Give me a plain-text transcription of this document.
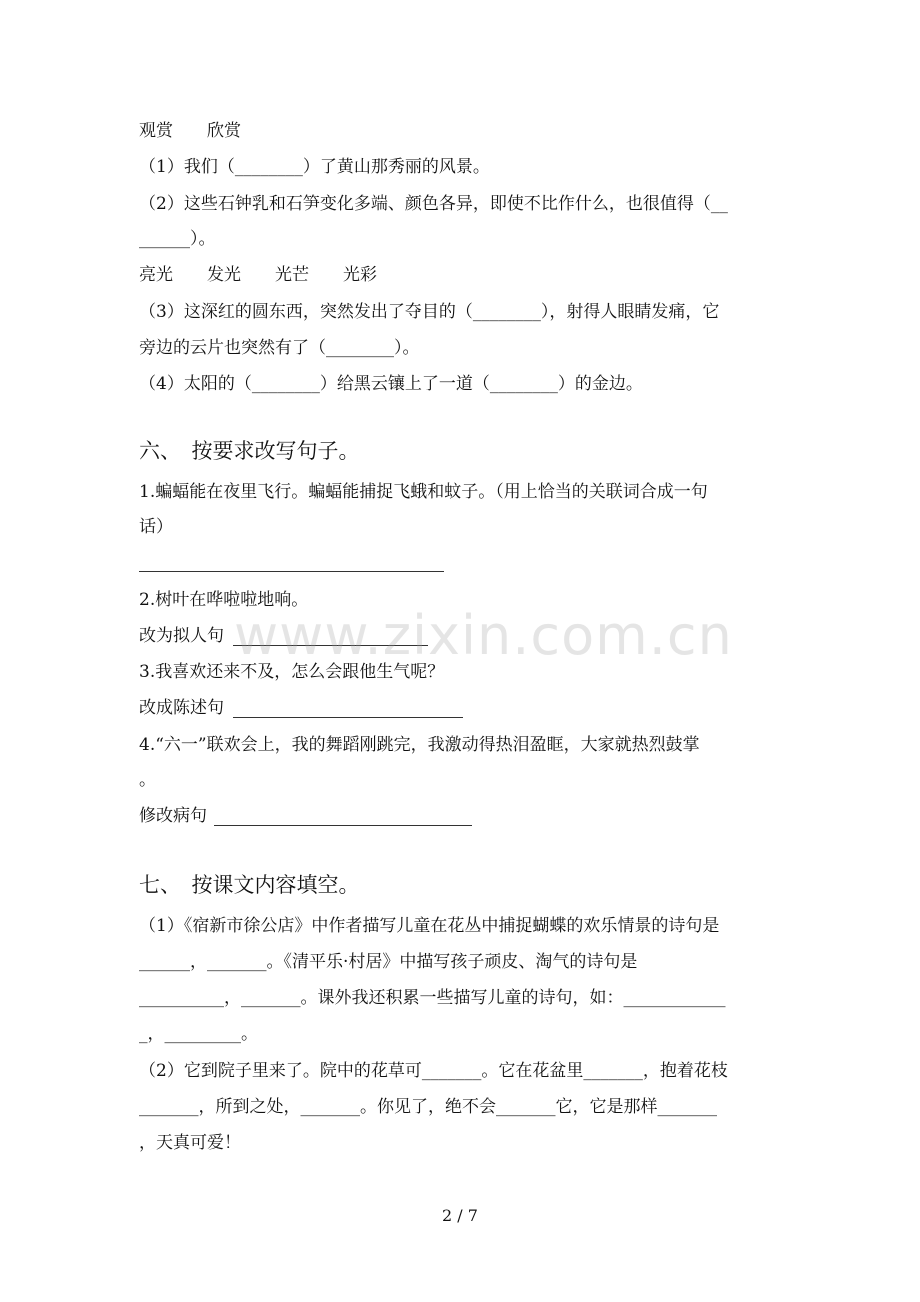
观赏　　欣赏
（1）我们（________）了黄山那秀丽的风景。
（2）这些石钟乳和石笋变化多端、颜色各异，即使不比作什么，也很值得（__
______）。
亮光　　发光　　光芒　　光彩
（3）这深红的圆东西，突然发出了夺目的（________），射得人眼睛发痛，它
旁边的云片也突然有了（________）。
（4）太阳的（________）给黑云镶上了一道（________）的金边。
六、　按要求改写句子。
1.蝙蝠能在夜里飞行。蝙蝠能捕捉飞蛾和蚊子。（用上恰当的关联词合成一句
话）
2.树叶在哗啦啦地响。
改为拟人句
3.我喜欢还来不及，怎么会跟他生气呢？
改成陈述句
4.“六一”联欢会上，我的舞蹈刚跳完，我激动得热泪盈眶，大家就热烈鼓掌
。
修改病句
七、　按课文内容填空。
（1）《宿新市徐公店》中作者描写儿童在花丛中捕捉蝴蝶的欢乐情景的诗句是
______，_______。《清平乐·村居》中描写孩子顽皮、淘气的诗句是
__________，_______。课外我还积累一些描写儿童的诗句，如：____________
_，_________。
（2）它到院子里来了。院中的花草可_______。它在花盆里_______，抱着花枝
_______，所到之处，_______。你见了，绝不会_______它，它是那样_______
，天真可爱！
www.zixin.com.cn
2 / 7
